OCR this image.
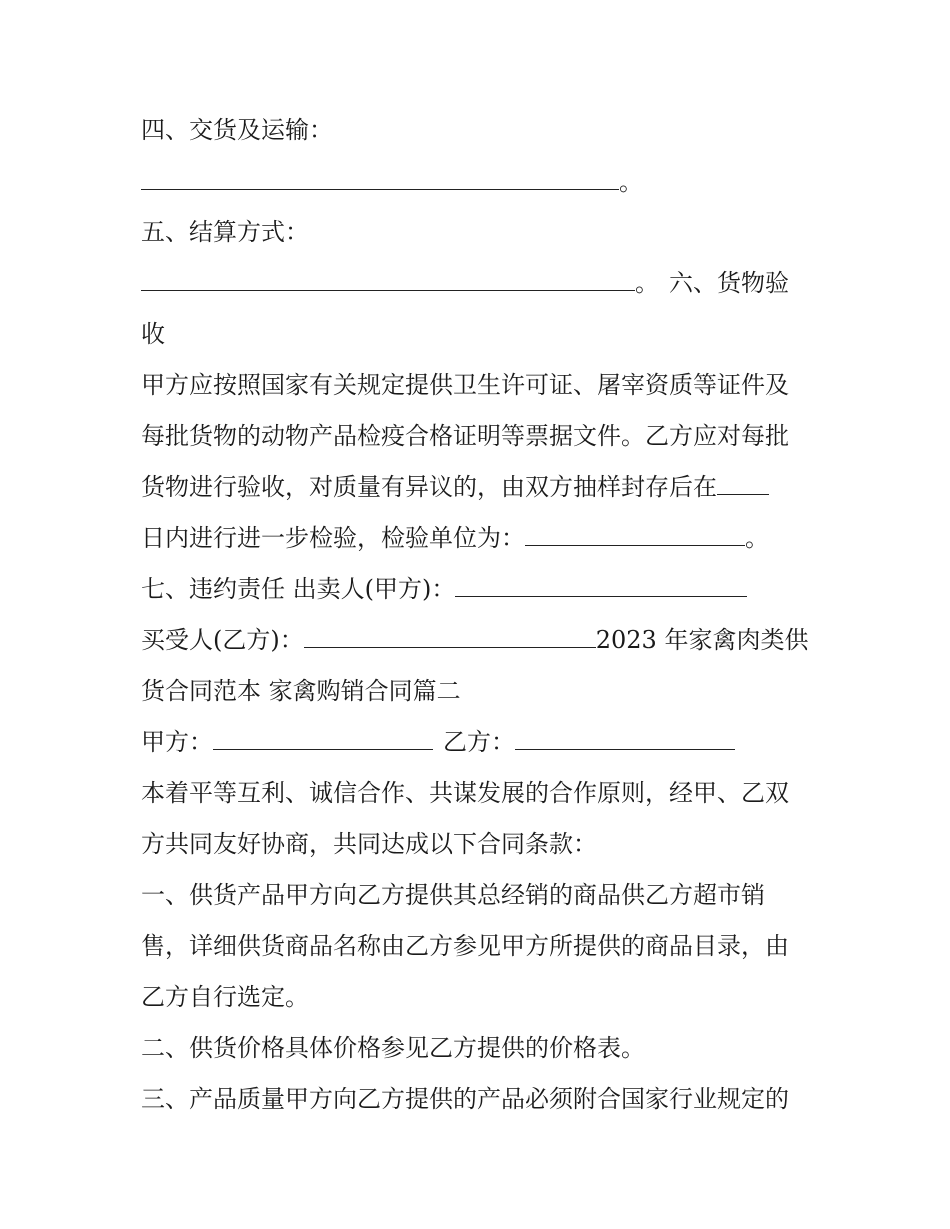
四、交货及运输：
。
五、结算方式：
。 六、货物验
收
甲方应按照国家有关规定提供卫生许可证、屠宰资质等证件及
每批货物的动物产品检疫合格证明等票据文件。乙方应对每批
货物进行验收，对质量有异议的，由双方抽样封存后在
日内进行进一步检验，检验单位为：	。
七、违约责任 出卖人(甲方)：
买受人(乙方)：	2023 年家禽肉类供
货合同范本 家禽购销合同篇二
甲方：	乙方：
本着平等互利、诚信合作、共谋发展的合作原则，经甲、乙双
方共同友好协商，共同达成以下合同条款：
一、供货产品甲方向乙方提供其总经销的商品供乙方超市销
售，详细供货商品名称由乙方参见甲方所提供的商品目录，由
乙方自行选定。
二、供货价格具体价格参见乙方提供的价格表。
三、产品质量甲方向乙方提供的产品必须附合国家行业规定的
